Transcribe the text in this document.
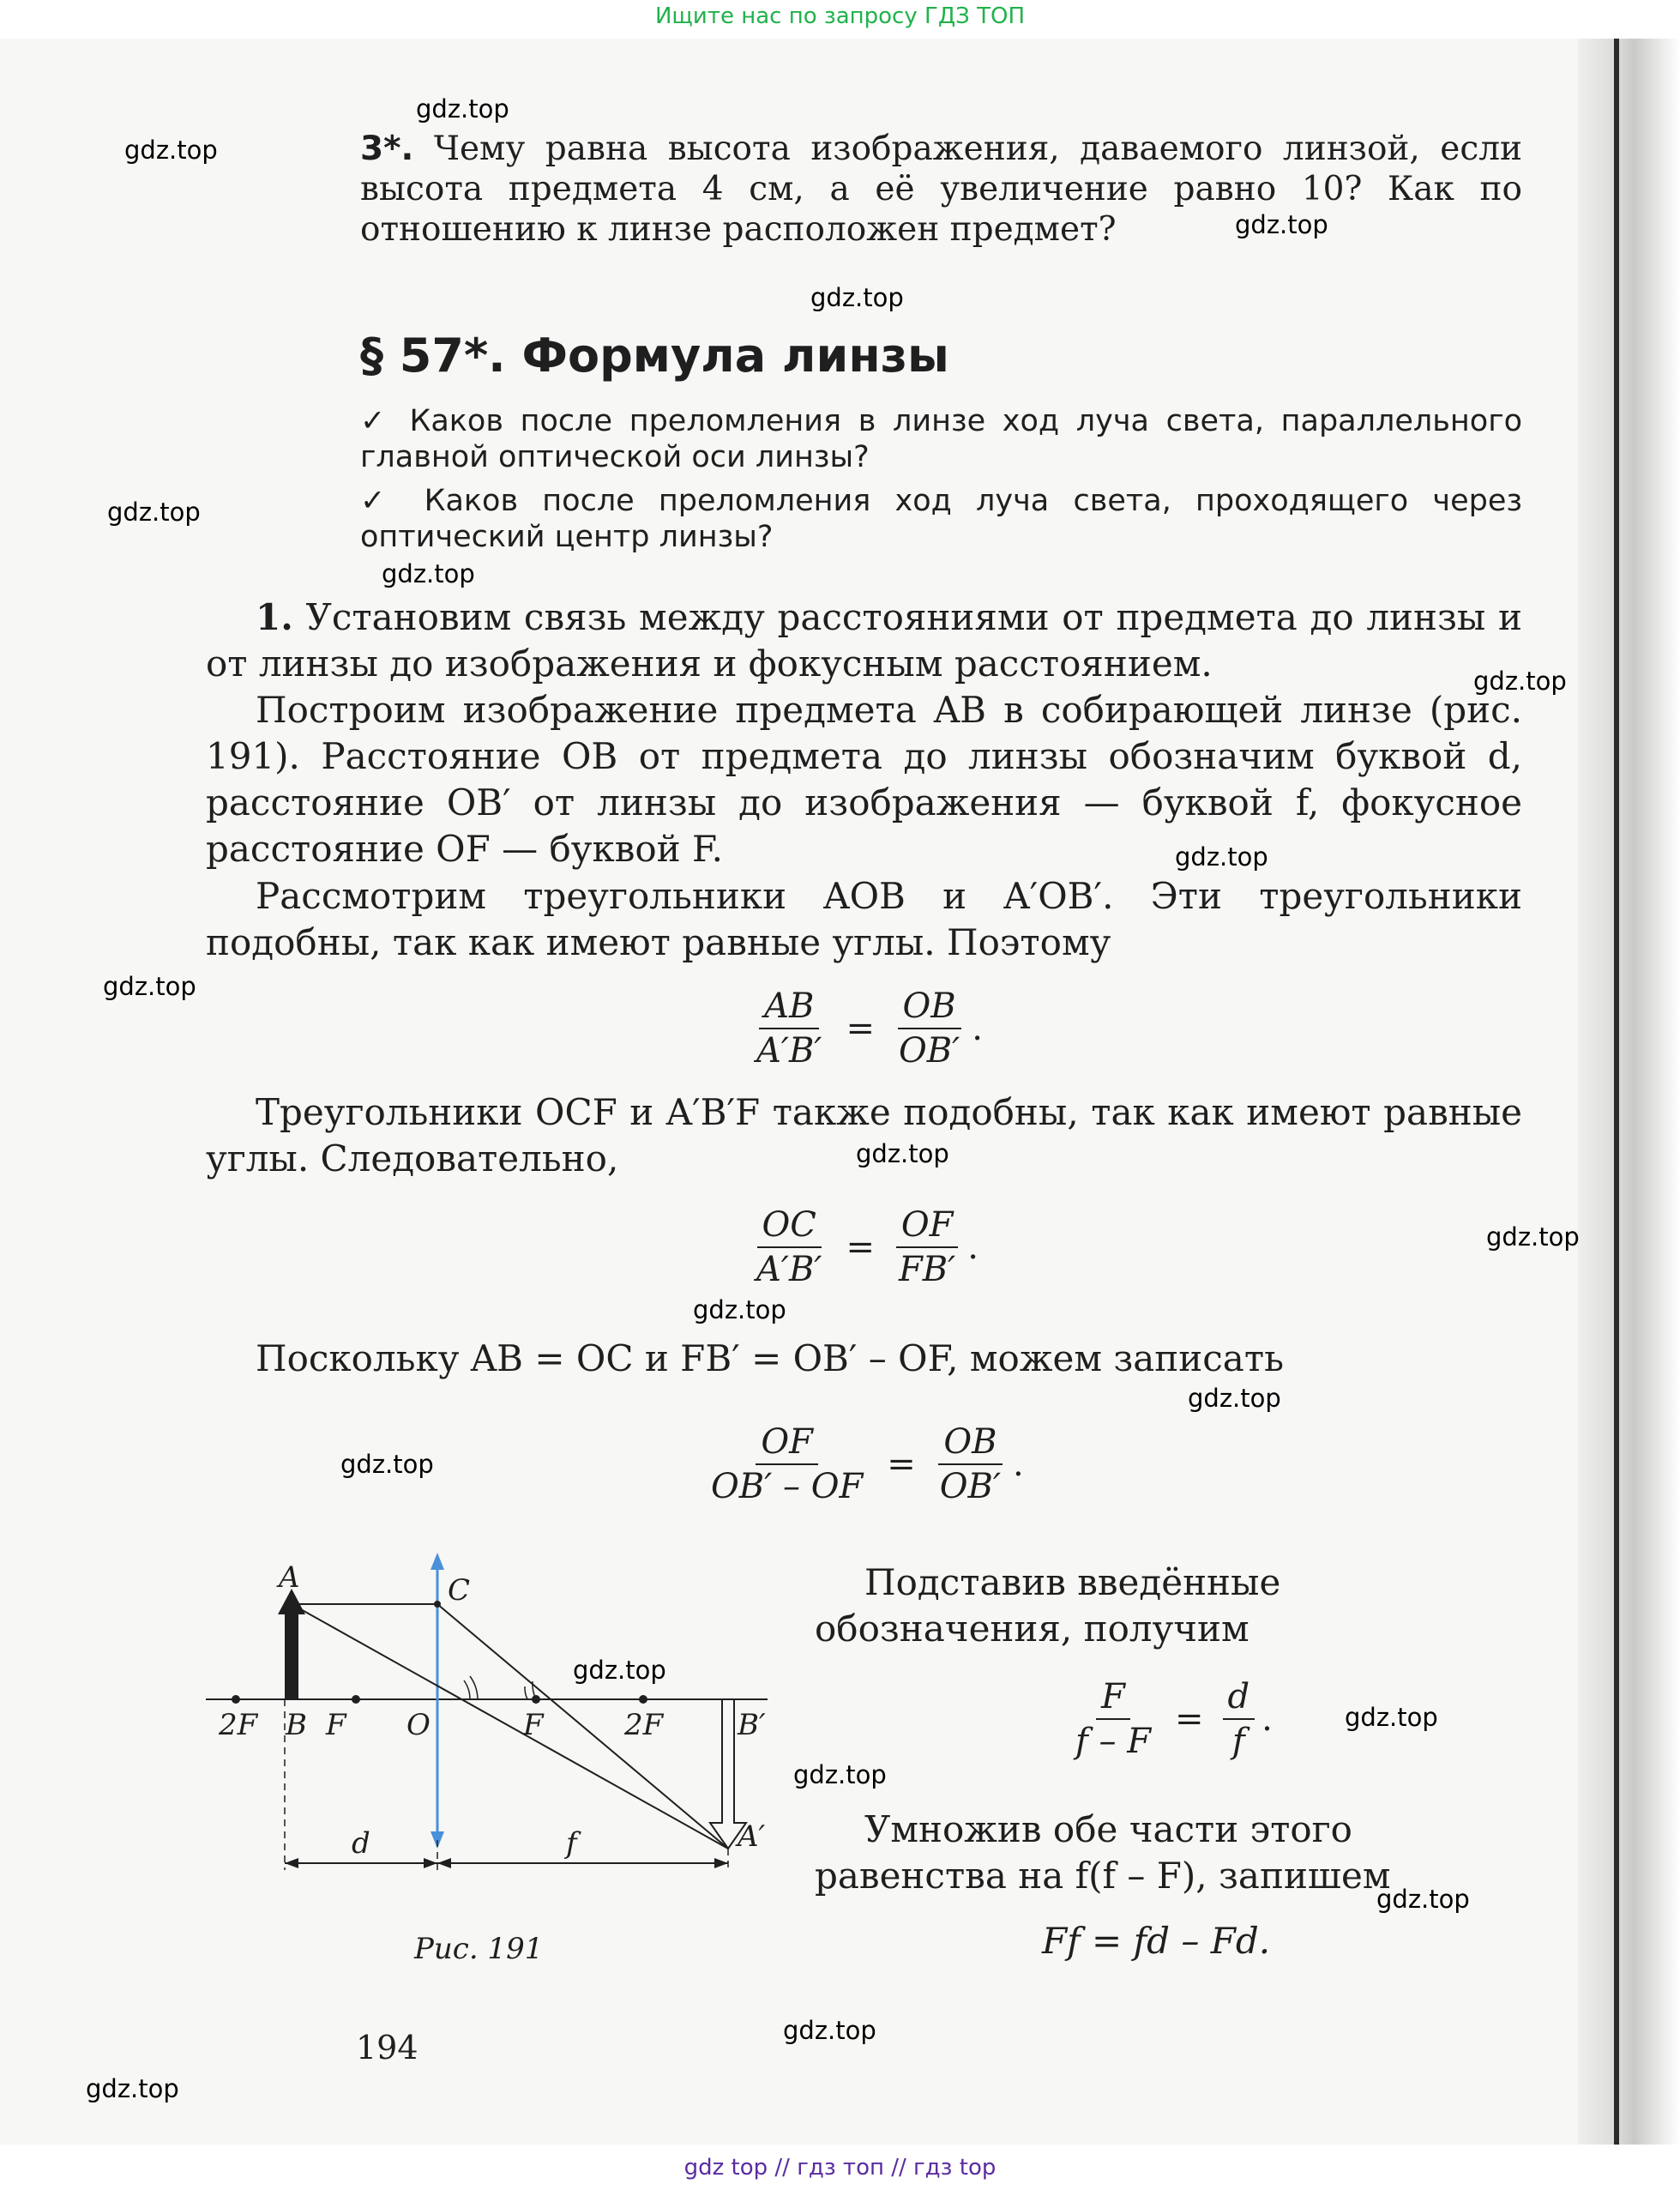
Ищите нас по запросу ГДЗ ТОП

3*. Чему равна высота изображения, даваемого линзой, если высота предмета 4 см, а её увеличение равно 10? Как по отношению к линзе расположен предмет?

§ 57*. Формула линзы

✓ Каков после преломления в линзе ход луча света, параллельного главной оптической оси линзы?

✓ Каков после преломления ход луча света, проходящего через оптический центр линзы?

1. Установим связь между расстояниями от предмета до линзы и от линзы до изображения и фокусным расстоянием.

Построим изображение предмета AB в собирающей линзе (рис. 191). Расстояние OB от предмета до линзы обозначим буквой d, расстояние OB′ от линзы до изображения — буквой f, фокусное расстояние OF — буквой F.

Рассмотрим треугольники AOB и A′OB′. Эти треугольники подобны, так как имеют равные углы. Поэтому

$\frac{AB}{A'B'} = \frac{OB}{OB'}$ .

Треугольники OCF и A′B′F также подобны, так как имеют равные углы. Следовательно,

$\frac{OC}{A'B'} = \frac{OF}{FB'}$ .

Поскольку AB = OC и FB′ = OB′ – OF, можем записать

$\frac{OF}{OB' - OF} = \frac{OB}{OB'}$ .
A	C
2F B F O	F	2F	B′
A′
d	f
Рис. 191

Подставив введённые обозначения, получим

$\frac{F}{f - F} = \frac{d}{f}$ .

Умножив обе части этого равенства на f(f – F), запишем

Ff = fd – Fd.
194
gdz.top
gdz.top
gdz.top
gdz.top
gdz.top
gdz.top
gdz.top
gdz.top
gdz.top
gdz.top
gdz.top
gdz.top
gdz.top
gdz.top
gdz.top
gdz.top
gdz.top
gdz.top
gdz.top
gdz.top
gdz top // гдз топ // гдз top
